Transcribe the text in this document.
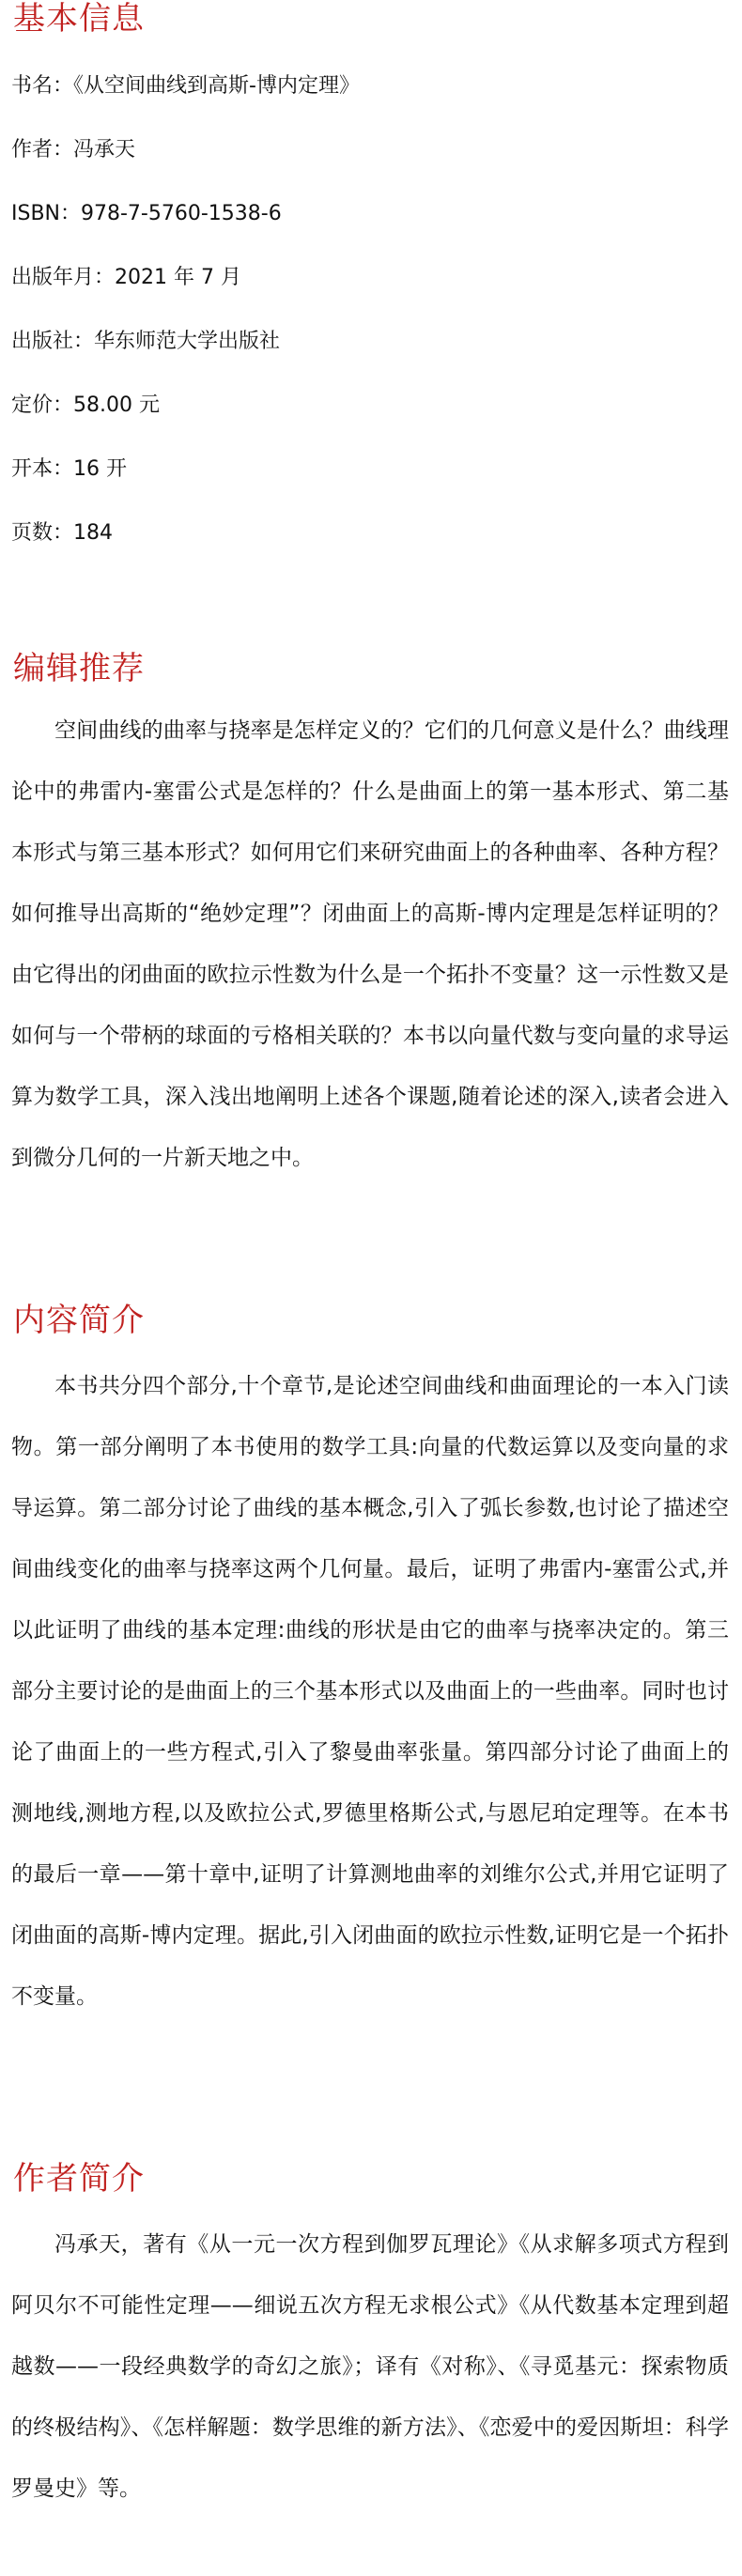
基本信息

书名：《从空间曲线到高斯-博内定理》

作者：冯承天

ISBN：978-7-5760-1538-6

出版年月：2021 年 7 月

出版社：华东师范大学出版社

定价：58.00 元

开本：16 开

页数：184

编辑推荐

空间曲线的曲率与挠率是怎样定义的？它们的几何意义是什么？曲线理论中的弗雷内-塞雷公式是怎样的？什么是曲面上的第一基本形式、第二基本形式与第三基本形式？如何用它们来研究曲面上的各种曲率、各种方程？如何推导出高斯的“绝妙定理”？闭曲面上的高斯-博内定理是怎样证明的？由它得出的闭曲面的欧拉示性数为什么是一个拓扑不变量？这一示性数又是如何与一个带柄的球面的亏格相关联的？本书以向量代数与变向量的求导运算为数学工具，深入浅出地阐明上述各个课题,随着论述的深入,读者会进入到微分几何的一片新天地之中。

内容简介

本书共分四个部分,十个章节,是论述空间曲线和曲面理论的一本入门读物。第一部分阐明了本书使用的数学工具:向量的代数运算以及变向量的求导运算。第二部分讨论了曲线的基本概念,引入了弧长参数,也讨论了描述空间曲线变化的曲率与挠率这两个几何量。最后，证明了弗雷内-塞雷公式,并以此证明了曲线的基本定理:曲线的形状是由它的曲率与挠率决定的。第三部分主要讨论的是曲面上的三个基本形式以及曲面上的一些曲率。同时也讨论了曲面上的一些方程式,引入了黎曼曲率张量。第四部分讨论了曲面上的测地线,测地方程,以及欧拉公式,罗德里格斯公式,与恩尼珀定理等。在本书的最后一章——第十章中,证明了计算测地曲率的刘维尔公式,并用它证明了闭曲面的高斯-博内定理。据此,引入闭曲面的欧拉示性数,证明它是一个拓扑不变量。

作者简介

冯承天，著有《从一元一次方程到伽罗瓦理论》《从求解多项式方程到阿贝尔不可能性定理——细说五次方程无求根公式》《从代数基本定理到超越数——一段经典数学的奇幻之旅》；译有《对称》、《寻觅基元：探索物质的终极结构》、《怎样解题：数学思维的新方法》、《恋爱中的爱因斯坦：科学罗曼史》等。
